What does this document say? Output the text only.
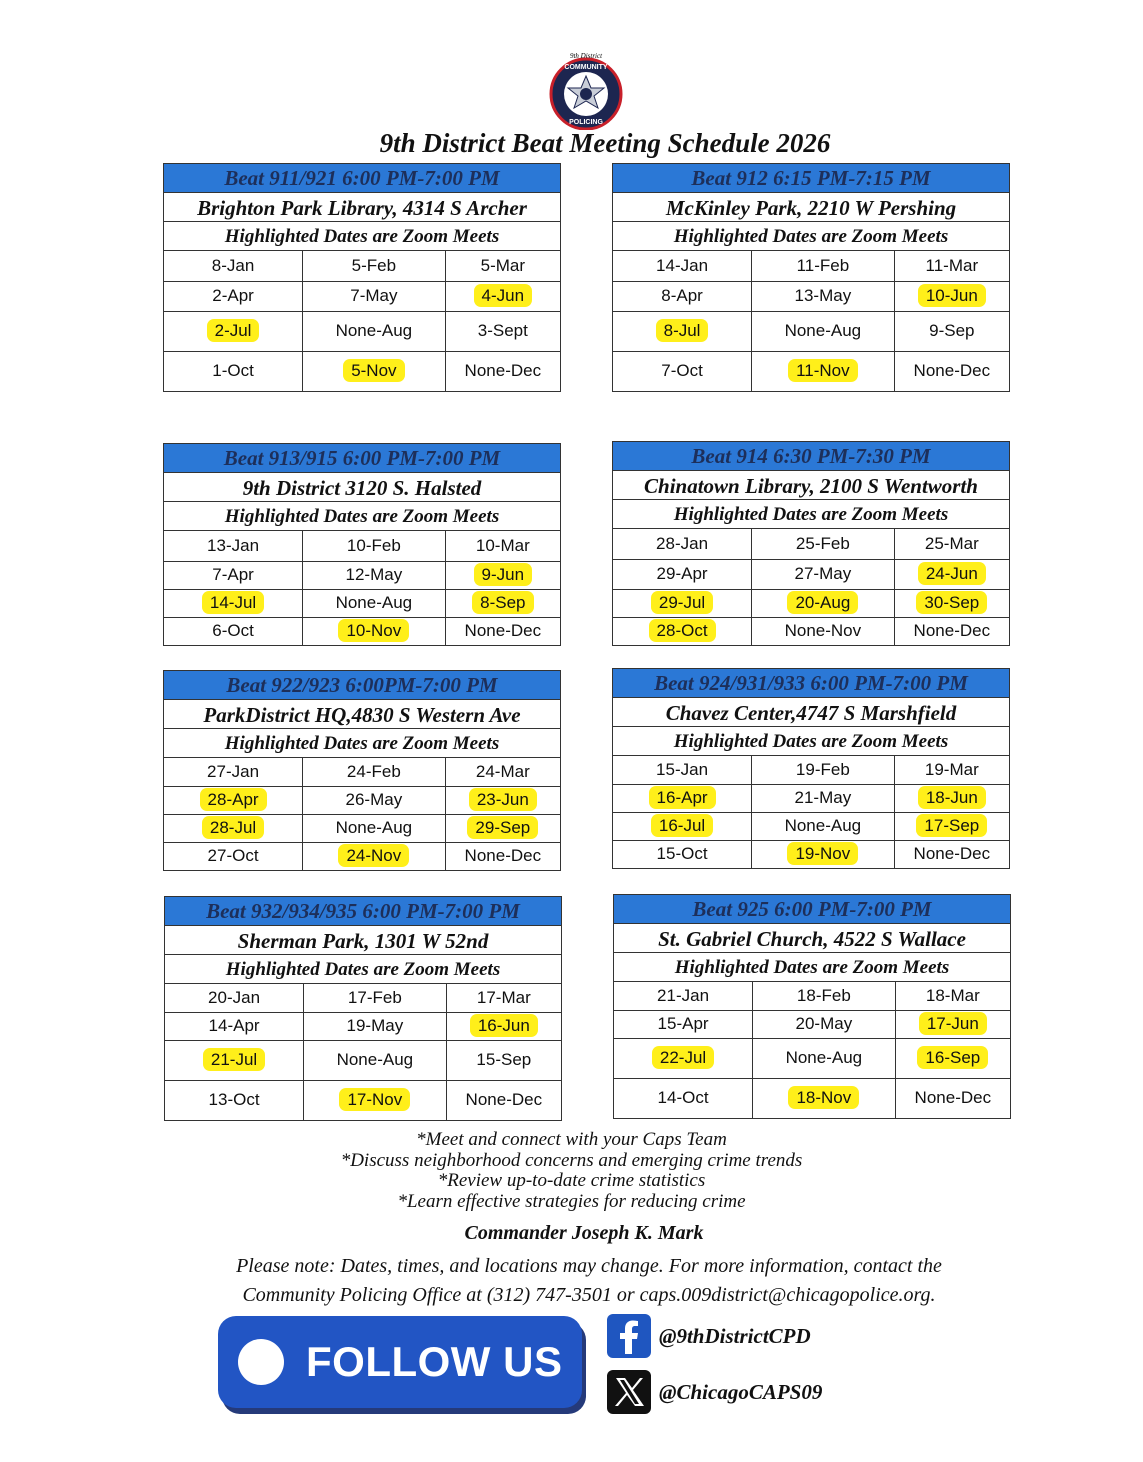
9th District
COMMUNITY
POLICING
9th District Beat Meeting Schedule 2026
Beat 911/921 6:00 PM-7:00 PM
Brighton Park Library, 4314 S Archer
Highlighted Dates are Zoom Meets
8-Jan	5-Feb	5-Mar
2-Apr	7-May	4-Jun
2-Jul	None-Aug	3-Sept
1-Oct	5-Nov	None-Dec
Beat 912 6:15 PM-7:15 PM
McKinley Park, 2210 W Pershing
Highlighted Dates are Zoom Meets
14-Jan	11-Feb	11-Mar
8-Apr	13-May	10-Jun
8-Jul	None-Aug	9-Sep
7-Oct	11-Nov	None-Dec
Beat 913/915 6:00 PM-7:00 PM
9th District 3120 S. Halsted
Highlighted Dates are Zoom Meets
13-Jan	10-Feb	10-Mar
7-Apr	12-May	9-Jun
14-Jul	None-Aug	8-Sep
6-Oct	10-Nov	None-Dec
Beat 914 6:30 PM-7:30 PM
Chinatown Library, 2100 S Wentworth
Highlighted Dates are Zoom Meets
28-Jan	25-Feb	25-Mar
29-Apr	27-May	24-Jun
29-Jul	20-Aug	30-Sep
28-Oct	None-Nov	None-Dec
Beat 922/923 6:00PM-7:00 PM
ParkDistrict HQ,4830 S Western Ave
Highlighted Dates are Zoom Meets
27-Jan	24-Feb	24-Mar
28-Apr	26-May	23-Jun
28-Jul	None-Aug	29-Sep
27-Oct	24-Nov	None-Dec
Beat 924/931/933 6:00 PM-7:00 PM
Chavez Center,4747 S Marshfield
Highlighted Dates are Zoom Meets
15-Jan	19-Feb	19-Mar
16-Apr	21-May	18-Jun
16-Jul	None-Aug	17-Sep
15-Oct	19-Nov	None-Dec
Beat 932/934/935 6:00 PM-7:00 PM
Sherman Park, 1301 W 52nd
Highlighted Dates are Zoom Meets
20-Jan	17-Feb	17-Mar
14-Apr	19-May	16-Jun
21-Jul	None-Aug	15-Sep
13-Oct	17-Nov	None-Dec
Beat 925 6:00 PM-7:00 PM
St. Gabriel Church, 4522 S Wallace
Highlighted Dates are Zoom Meets
21-Jan	18-Feb	18-Mar
15-Apr	20-May	17-Jun
22-Jul	None-Aug	16-Sep
14-Oct	18-Nov	None-Dec
*Meet and connect with your Caps Team
*Discuss neighborhood concerns and emerging crime trends
*Review up-to-date crime statistics
*Learn effective strategies for reducing crime
Commander Joseph K. Mark
Please note: Dates, times, and locations may change. For more information, contact the
Community Policing Office at (312) 747-3501 or caps.009district@chicagopolice.org.
FOLLOW US
@9thDistrictCPD
@ChicagoCAPS09
